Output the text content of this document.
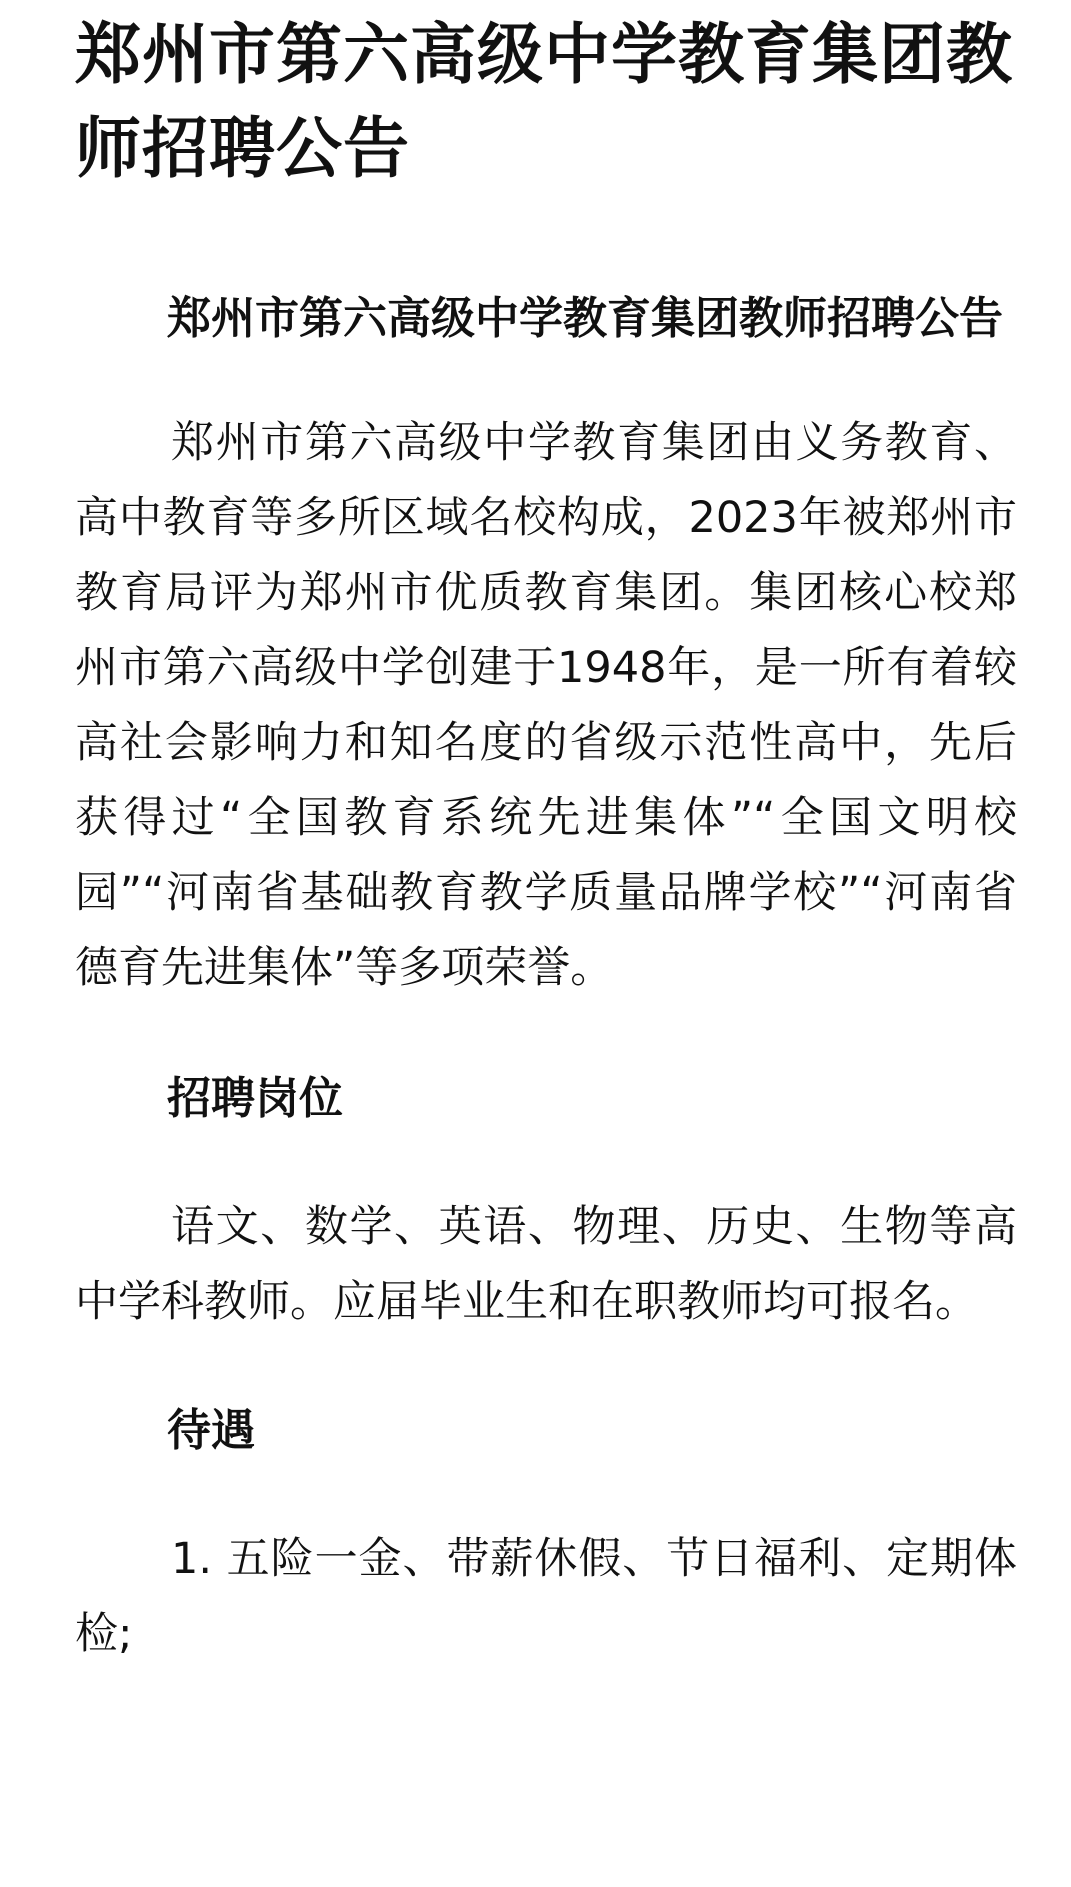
郑州市第六高级中学教育集团教师招聘公告
郑州市第六高级中学教育集团教师招聘公告

郑州市第六高级中学教育集团由义务教育、高中教育等多所区域名校构成，2023年被郑州市教育局评为郑州市优质教育集团。集团核心校郑州市第六高级中学创建于1948年，是一所有着较高社会影响力和知名度的省级示范性高中，先后获得过“全国教育系统先进集体”“全国文明校园”“河南省基础教育教学质量品牌学校”“河南省德育先进集体”等多项荣誉。

招聘岗位

语文、数学、英语、物理、历史、生物等高中学科教师。应届毕业生和在职教师均可报名。

待遇

1. 五险一金、带薪休假、节日福利、定期体检;
